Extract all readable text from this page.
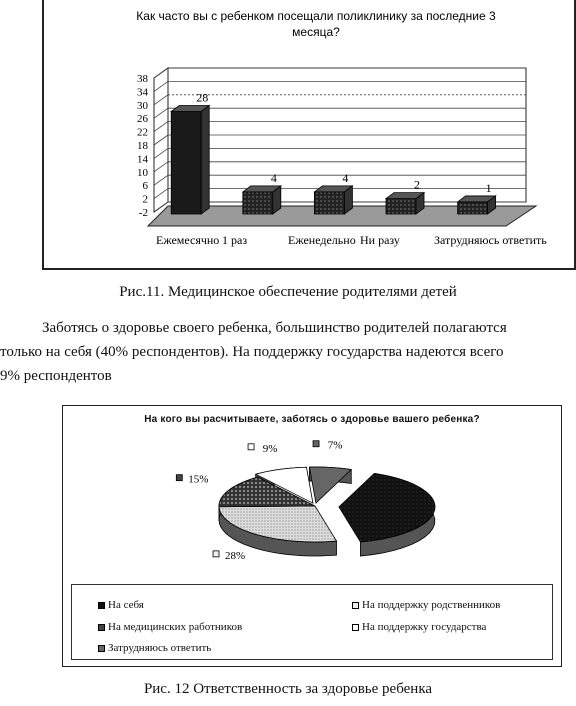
Как часто вы с ребенком посещали поликлинику за последние 3
месяца?
-2
2
6
10
14
18
22
26
30
34
38
28
4	4	2	1
Ежемесячно 1 раз	Еженедельно Ни разу	Затрудняюсь ответить
Рис.11. Медицинское обеспечение родителями детей
Заботясь о здоровье своего ребенка, большинство родителей полагаются
только на себя (40% респондентов). На поддержку государства надеются всего
9% респондентов
На кого вы расчитываете, заботясь о здоровье вашего ребенка?
28%
15%
9%	7%
На себя	На поддержку родственников
На медицинских работников	На поддержку государства
Затрудняюсь ответить
Рис. 12 Ответственность за здоровье ребенка
